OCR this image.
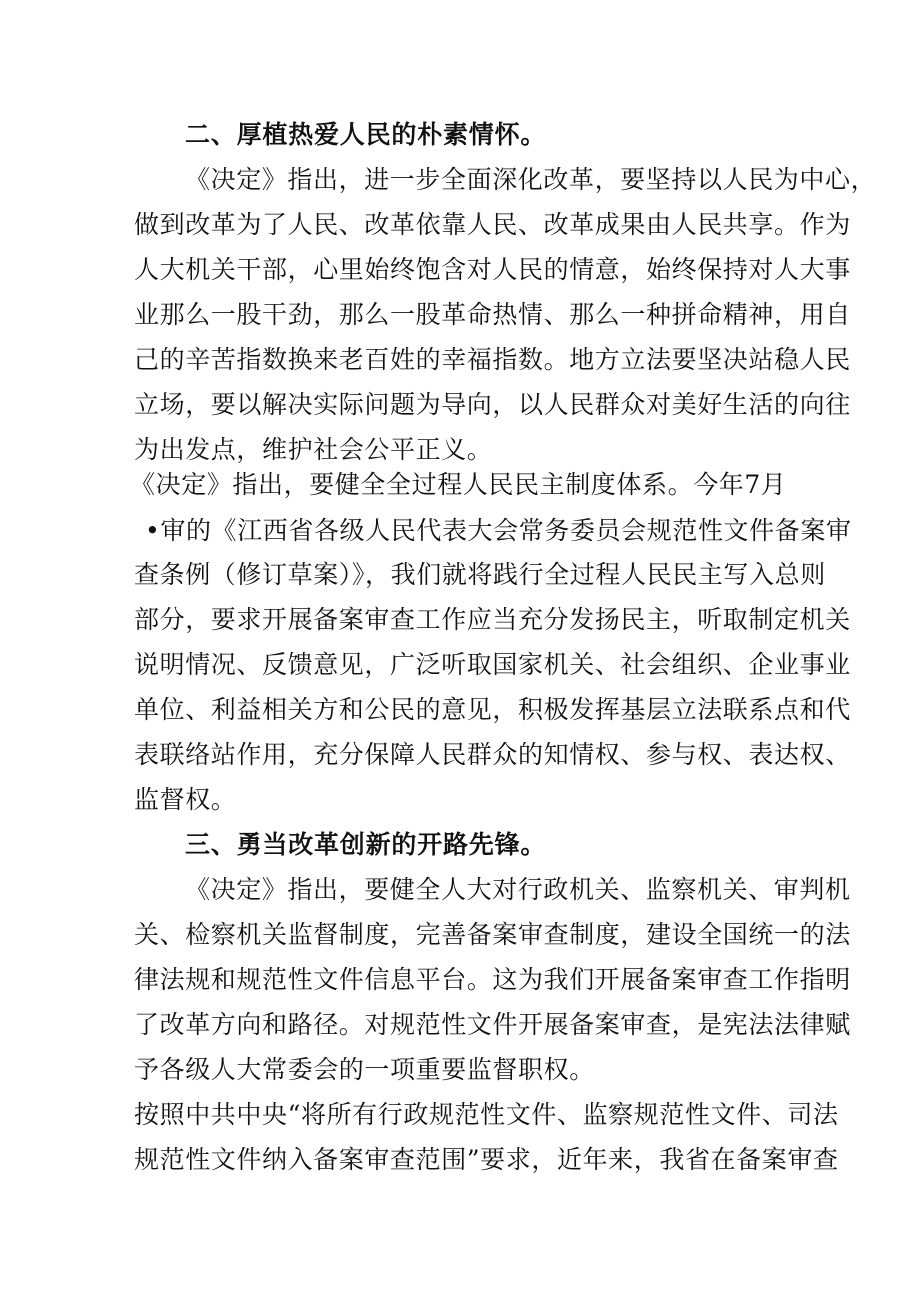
二、厚植热爱人民的朴素情怀。
《决定》指出，进一步全面深化改革，要坚持以人民为中心，
做到改革为了人民、改革依靠人民、改革成果由人民共享。作为
人大机关干部，心里始终饱含对人民的情意，始终保持对人大事
业那么一股干劲，那么一股革命热情、那么一种拼命精神，用自
己的辛苦指数换来老百姓的幸福指数。地方立法要坚决站稳人民
立场，要以解决实际问题为导向，以人民群众对美好生活的向往
为出发点，维护社会公平正义。
《决定》指出，要健全全过程人民民主制度体系。今年7月
•审的《江西省各级人民代表大会常务委员会规范性文件备案审
查条例（修订草案）》，我们就将践行全过程人民民主写入总则
部分，要求开展备案审查工作应当充分发扬民主，听取制定机关
说明情况、反馈意见，广泛听取国家机关、社会组织、企业事业
单位、利益相关方和公民的意见，积极发挥基层立法联系点和代
表联络站作用，充分保障人民群众的知情权、参与权、表达权、
监督权。
三、勇当改革创新的开路先锋。
《决定》指出，要健全人大对行政机关、监察机关、审判机
关、检察机关监督制度，完善备案审查制度，建设全国统一的法
律法规和规范性文件信息平台。这为我们开展备案审查工作指明
了改革方向和路径。对规范性文件开展备案审查，是宪法法律赋
予各级人大常委会的一项重要监督职权。
按照中共中央“将所有行政规范性文件、监察规范性文件、司法
规范性文件纳入备案审查范围”要求，近年来，我省在备案审查
